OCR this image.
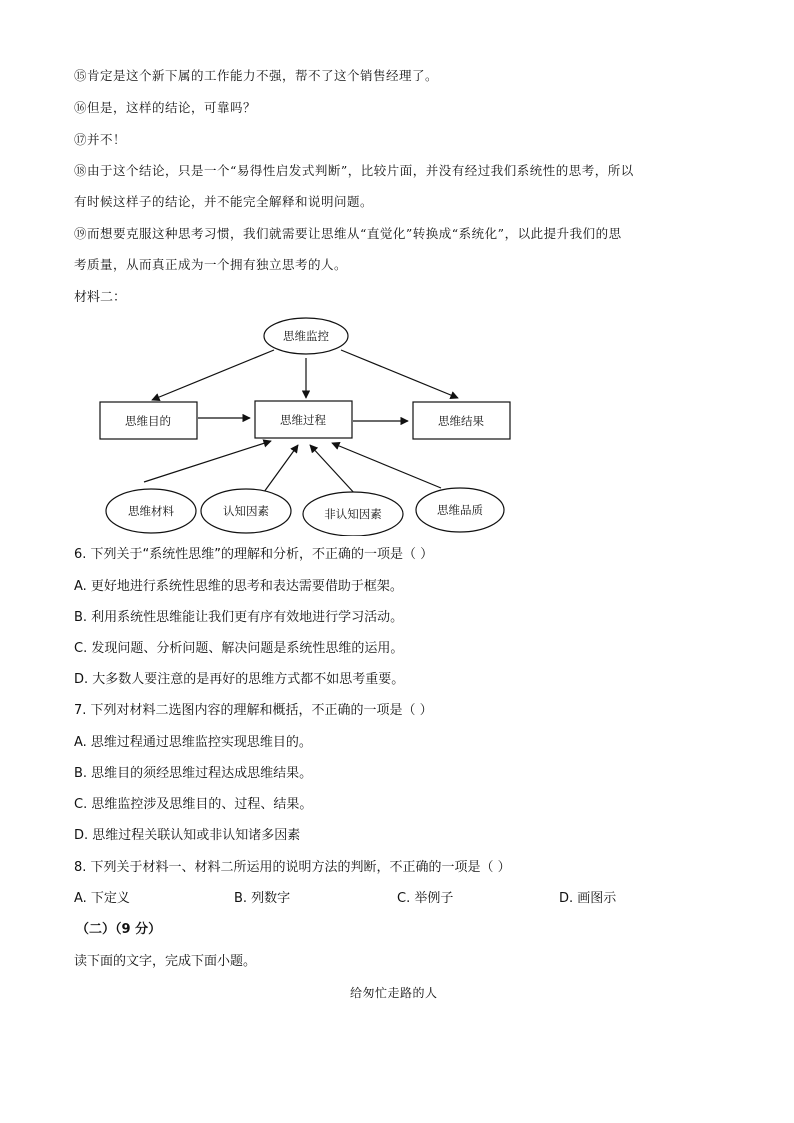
⑮肯定是这个新下属的工作能力不强，帮不了这个销售经理了。
⑯但是，这样的结论，可靠吗？
⑰并不！
⑱由于这个结论，只是一个“易得性启发式判断”，比较片面，并没有经过我们系统性的思考，所以
有时候这样子的结论，并不能完全解释和说明问题。
⑲而想要克服这种思考习惯，我们就需要让思维从“直觉化”转换成“系统化”，以此提升我们的思
考质量，从而真正成为一个拥有独立思考的人。
材料二：
思维监控
思维目的	思维过程	思维结果
思维材料	认知因素	非认知因素	思维品质
6. 下列关于“系统性思维”的理解和分析，不正确的一项是（ ）
A. 更好地进行系统性思维的思考和表达需要借助于框架。
B. 利用系统性思维能让我们更有序有效地进行学习活动。
C. 发现问题、分析问题、解决问题是系统性思维的运用。
D. 大多数人要注意的是再好的思维方式都不如思考重要。
7. 下列对材料二选图内容的理解和概括，不正确的一项是（ ）
A. 思维过程通过思维监控实现思维目的。
B. 思维目的须经思维过程达成思维结果。
C. 思维监控涉及思维目的、过程、结果。
D. 思维过程关联认知或非认知诸多因素
8. 下列关于材料一、材料二所运用的说明方法的判断，不正确的一项是（ ）
A. 下定义	B. 列数字	C. 举例子	D. 画图示
（二）（9 分）
读下面的文字，完成下面小题。
给匆忙走路的人
